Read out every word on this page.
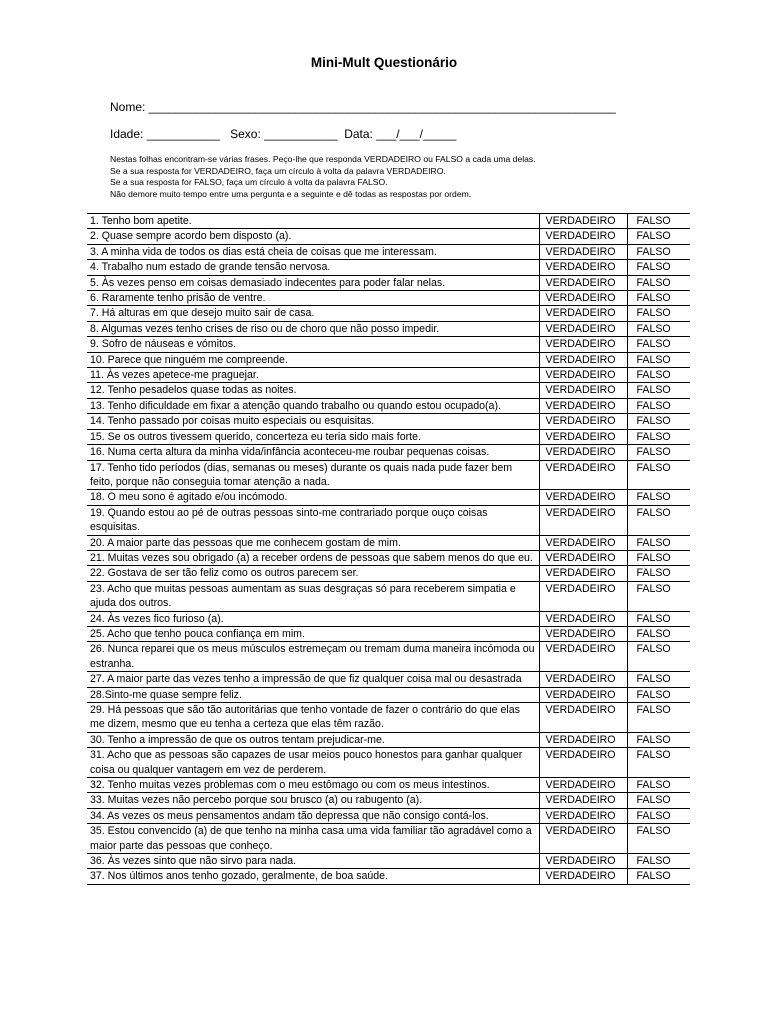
Mini-Mult Questionário
Nome: ______________________________________________________________________
Idade: ___________   Sexo: ___________  Data: ___/___/_____
Nestas folhas encontram-se várias frases. Peço-lhe que responda VERDADEIRO ou FALSO a cada uma delas.
Se a sua resposta for VERDADEIRO, faça um círculo à volta da palavra VERDADEIRO.
Se a sua resposta for FALSO, faça um círculo à volta da palavra FALSO.
Não demore muito tempo entre uma pergunta e a seguinte e dê todas as respostas por ordem.
1. Tenho bom apetite.	VERDADEIRO	FALSO
2. Quase sempre acordo bem disposto (a).	VERDADEIRO	FALSO
3. A minha vida de todos os dias está cheia de coisas que me interessam.	VERDADEIRO	FALSO
4. Trabalho num estado de grande tensão nervosa.	VERDADEIRO	FALSO
5. Às vezes penso em coisas demasiado indecentes para poder falar nelas.	VERDADEIRO	FALSO
6. Raramente tenho prisão de ventre.	VERDADEIRO	FALSO
7. Há alturas em que desejo muito sair de casa.	VERDADEIRO	FALSO
8. Algumas vezes tenho crises de riso ou de choro que não posso impedir.	VERDADEIRO	FALSO
9. Sofro de náuseas e vómitos.	VERDADEIRO	FALSO
10. Parece que ninguém me compreende.	VERDADEIRO	FALSO
11. Às vezes apetece-me praguejar.	VERDADEIRO	FALSO
12. Tenho pesadelos quase todas as noites.	VERDADEIRO	FALSO
13. Tenho dificuldade em fixar a atenção quando trabalho ou quando estou ocupado(a).	VERDADEIRO	FALSO
14. Tenho passado por coisas muito especiais ou esquisitas.	VERDADEIRO	FALSO
15. Se os outros tivessem querido, concerteza eu teria sido mais forte.	VERDADEIRO	FALSO
16. Numa certa altura da minha vida/infância aconteceu-me roubar pequenas coisas.	VERDADEIRO	FALSO
17. Tenho tido períodos (dias, semanas ou meses) durante os quais nada pude fazer bem feito, porque não conseguia tomar atenção a nada.	VERDADEIRO	FALSO
18. O meu sono é agitado e/ou incómodo.	VERDADEIRO	FALSO
19. Quando estou ao pé de outras pessoas sinto-me contrariado porque ouço coisas esquisitas.	VERDADEIRO	FALSO
20. A maior parte das pessoas que me conhecem gostam de mim.	VERDADEIRO	FALSO
21. Muitas vezes sou obrigado (a) a receber ordens de pessoas que sabem menos do que eu.	VERDADEIRO	FALSO
22. Gostava de ser tão feliz como os outros parecem ser.	VERDADEIRO	FALSO
23. Acho que muitas pessoas aumentam as suas desgraças só para receberem simpatia e ajuda dos outros.	VERDADEIRO	FALSO
24. Às vezes fico furioso (a).	VERDADEIRO	FALSO
25. Acho que tenho pouca confiança em mim.	VERDADEIRO	FALSO
26. Nunca reparei que os meus músculos estremeçam ou tremam duma maneira incómoda ou estranha.	VERDADEIRO	FALSO
27. A maior parte das vezes tenho a impressão de que fiz qualquer coisa mal ou desastrada	VERDADEIRO	FALSO
28.Sinto-me quase sempre feliz.	VERDADEIRO	FALSO
29. Há pessoas que são tão autoritárias que tenho vontade de fazer o contrário do que elas me dizem, mesmo que eu tenha a certeza que elas têm razão.	VERDADEIRO	FALSO
30. Tenho a impressão de que os outros tentam prejudicar-me.	VERDADEIRO	FALSO
31. Acho que as pessoas são capazes de usar meios pouco honestos para ganhar qualquer coisa ou qualquer vantagem em vez de perderem.	VERDADEIRO	FALSO
32. Tenho muitas vezes problemas com o meu estômago ou com os meus intestinos.	VERDADEIRO	FALSO
33. Muitas vezes não percebo porque sou brusco (a) ou rabugento (a).	VERDADEIRO	FALSO
34. As vezes os meus pensamentos andam tão depressa que não consigo contá-los.	VERDADEIRO	FALSO
35. Estou convencido (a) de que tenho na minha casa uma vida familiar tão agradável como a maior parte das pessoas que conheço.	VERDADEIRO	FALSO
36. Às vezes sinto que não sirvo para nada.	VERDADEIRO	FALSO
37. Nos últimos anos tenho gozado, geralmente, de boa saúde.	VERDADEIRO	FALSO
